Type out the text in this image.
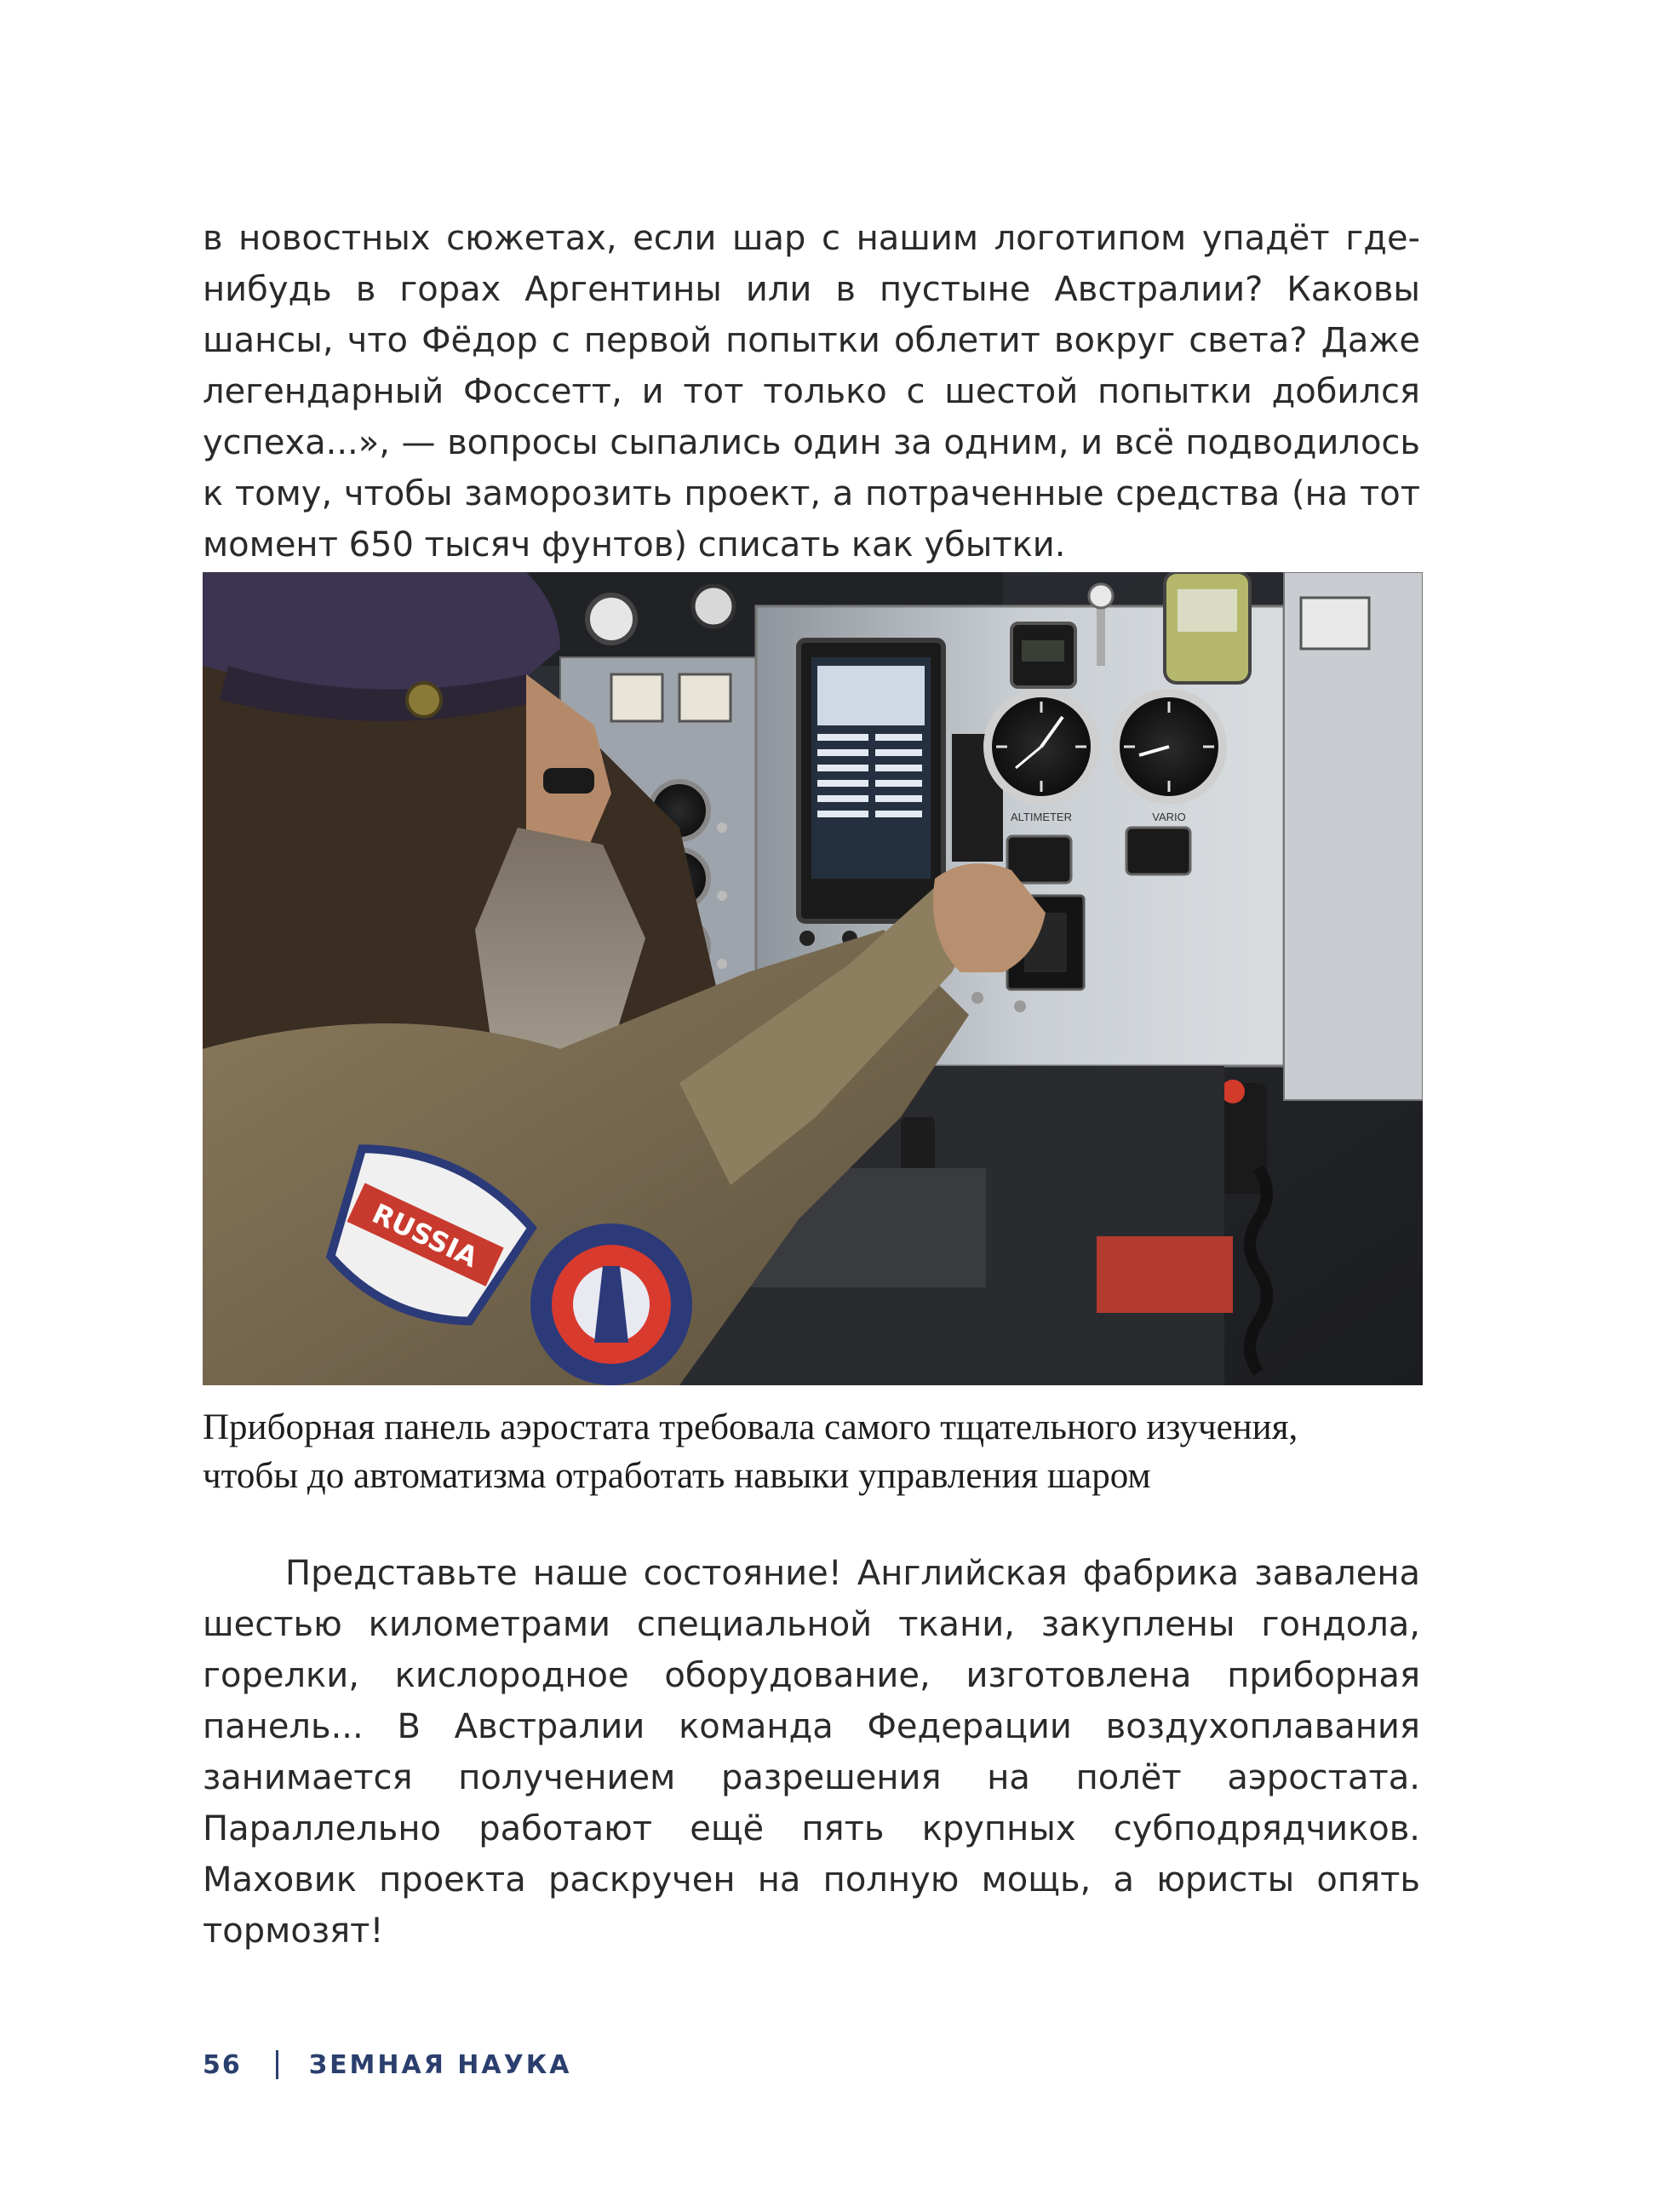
в новостных сюжетах, если шар с нашим логотипом упадёт где-нибудь в горах Аргентины или в пустыне Австралии? Каковы шансы, что Фёдор с первой попытки облетит вокруг света? Даже легендарный Фоссетт, и тот только с шестой попытки добился успеха...», — вопросы сыпались один за одним, и всё подводилось к тому, чтобы заморозить проект, а потраченные средства (на тот момент 650 тысяч фунтов) списать как убытки.

ALTIMETER	VARIO
RUSSIA
Приборная панель аэростата требовала самого тщательного изучения,
чтобы до автоматизма отработать навыки управления шаром

Представьте наше состояние! Английская фабрика завалена шестью километрами специальной ткани, закуплены гондола, горелки, кислородное оборудование, изготовлена приборная панель... В Австралии команда Федерации воздухоплавания занимается получением разрешения на полёт аэростата. Параллельно работают ещё пять крупных субподрядчиков. Маховик проекта раскручен на полную мощь, а юристы опять тормозят!

56	ЗЕМНАЯ НАУКА
